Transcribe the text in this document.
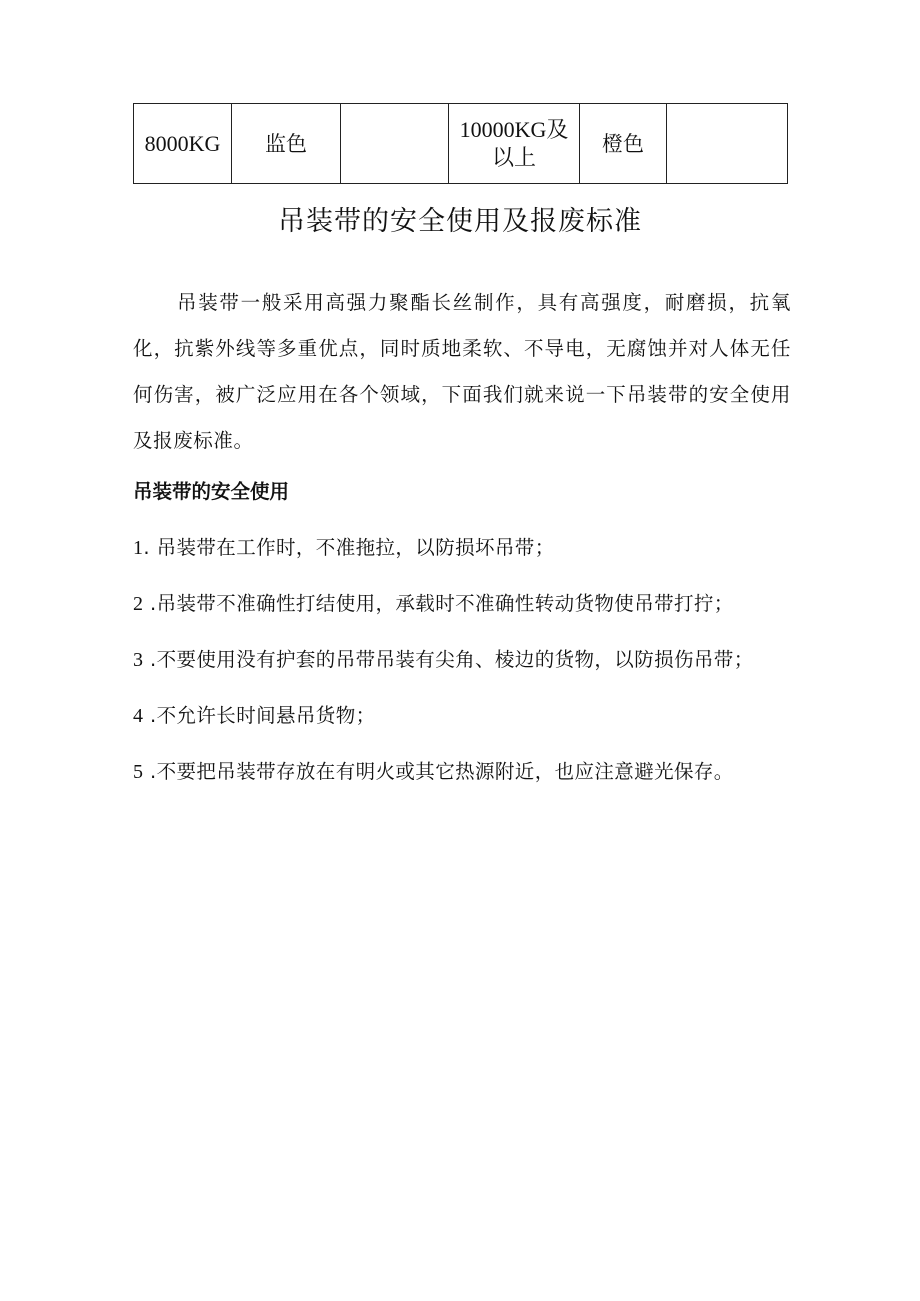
8000KG	监色		10000KG及以上	橙色	
吊装带的安全使用及报废标准

吊装带一般采用高强力聚酯长丝制作，具有高强度，耐磨损，抗氧化，抗紫外线等多重优点，同时质地柔软、不导电，无腐蚀并对人体无任何伤害，被广泛应用在各个领域，下面我们就来说一下吊装带的安全使用及报废标准。

吊装带的安全使用
1. 吊装带在工作时，不准拖拉，以防损坏吊带；
2 .吊装带不准确性打结使用，承载时不准确性转动货物使吊带打拧；
3 .不要使用没有护套的吊带吊装有尖角、棱边的货物，以防损伤吊带；
4 .不允许长时间悬吊货物；
5 .不要把吊装带存放在有明火或其它热源附近，也应注意避光保存。
